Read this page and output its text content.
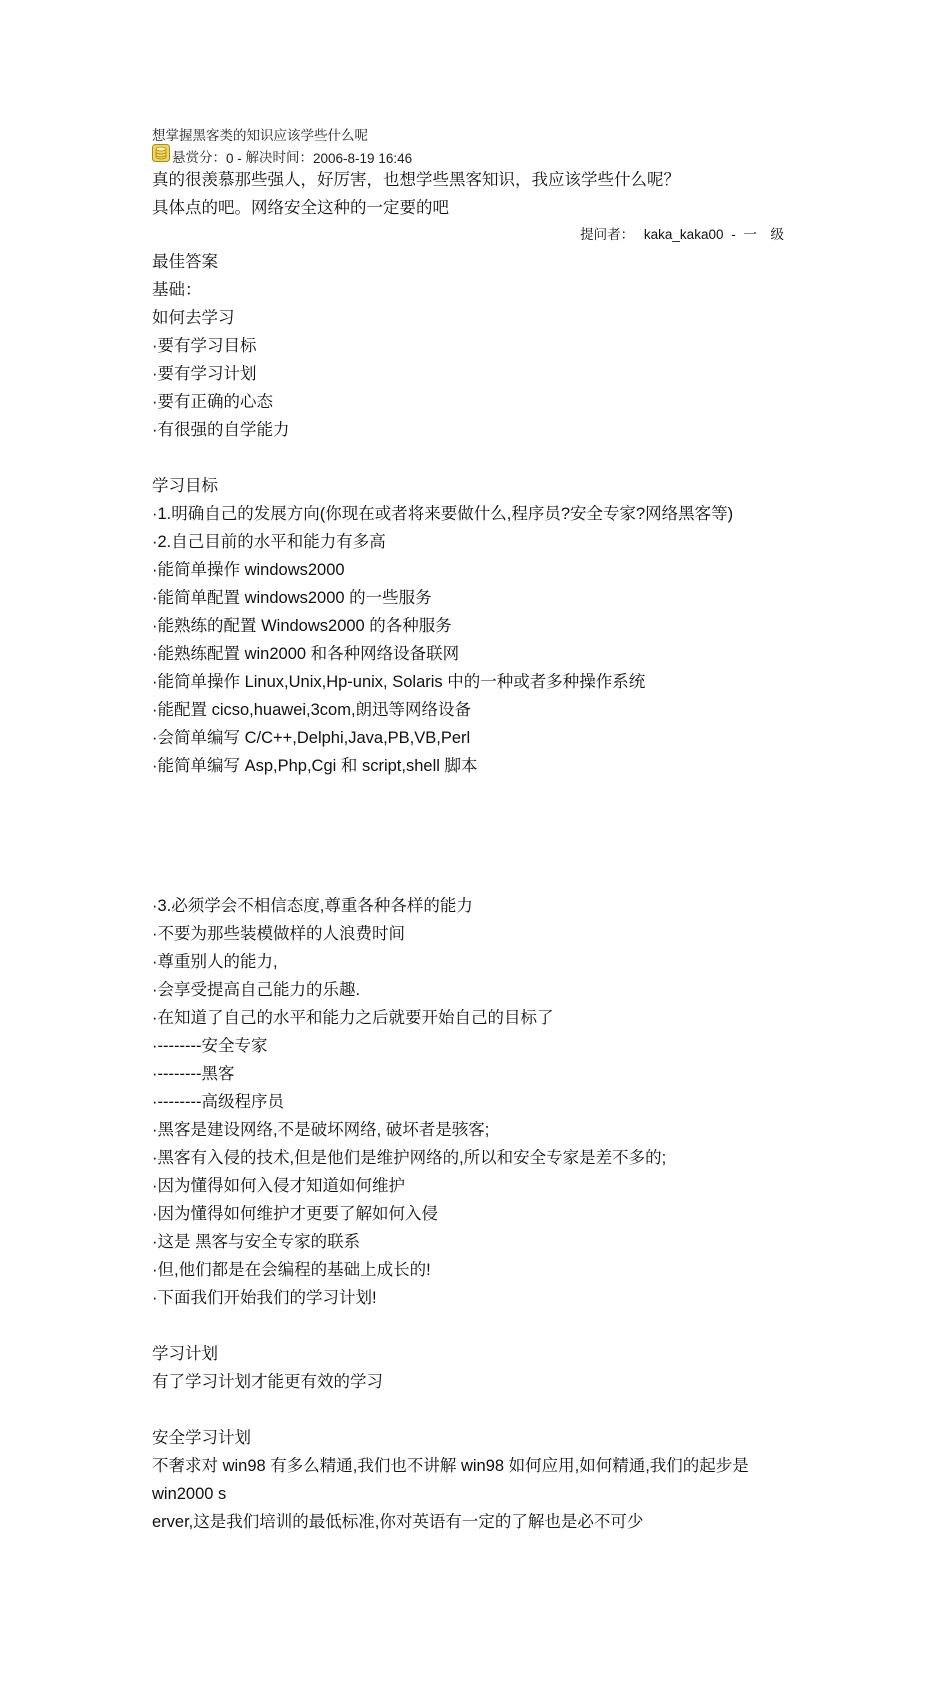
想掌握黑客类的知识应该学些什么呢

悬赏分： 0 - 解决时间： 2006-8-19 16:46

真的很羡慕那些强人，好厉害，也想学些黑客知识，我应该学些什么呢？

具体点的吧。网络安全这种的一定要的吧

提问者： kaka_kaka00 - 一　级
最佳答案
基础：
如何去学习
·要有学习目标
·要有学习计划
·要有正确的心态
·有很强的自学能力
学习目标
·1.明确自己的发展方向(你现在或者将来要做什么,程序员?安全专家?网络黑客等)
·2.自己目前的水平和能力有多高
·能简单操作 windows2000
·能简单配置 windows2000 的一些服务
·能熟练的配置 Windows2000 的各种服务
·能熟练配置 win2000 和各种网络设备联网
·能简单操作 Linux,Unix,Hp-unix, Solaris 中的一种或者多种操作系统
·能配置 cicso,huawei,3com,朗迅等网络设备
·会简单编写 C/C++,Delphi,Java,PB,VB,Perl
·能简单编写 Asp,Php,Cgi 和 script,shell 脚本
·3.必须学会不相信态度,尊重各种各样的能力
·不要为那些装模做样的人浪费时间
·尊重别人的能力,
·会享受提高自己能力的乐趣.
·在知道了自己的水平和能力之后就要开始自己的目标了
·--------安全专家
·--------黑客
·--------高级程序员
·黑客是建设网络,不是破坏网络, 破坏者是骇客;
·黑客有入侵的技术,但是他们是维护网络的,所以和安全专家是差不多的;
·因为懂得如何入侵才知道如何维护
·因为懂得如何维护才更要了解如何入侵
·这是 黑客与安全专家的联系
·但,他们都是在会编程的基础上成长的!
·下面我们开始我们的学习计划!
学习计划
有了学习计划才能更有效的学习
安全学习计划
不奢求对 win98 有多么精通,我们也不讲解 win98 如何应用,如何精通,我们的起步是 win2000 s
erver,这是我们培训的最低标准,你对英语有一定的了解也是必不可少
